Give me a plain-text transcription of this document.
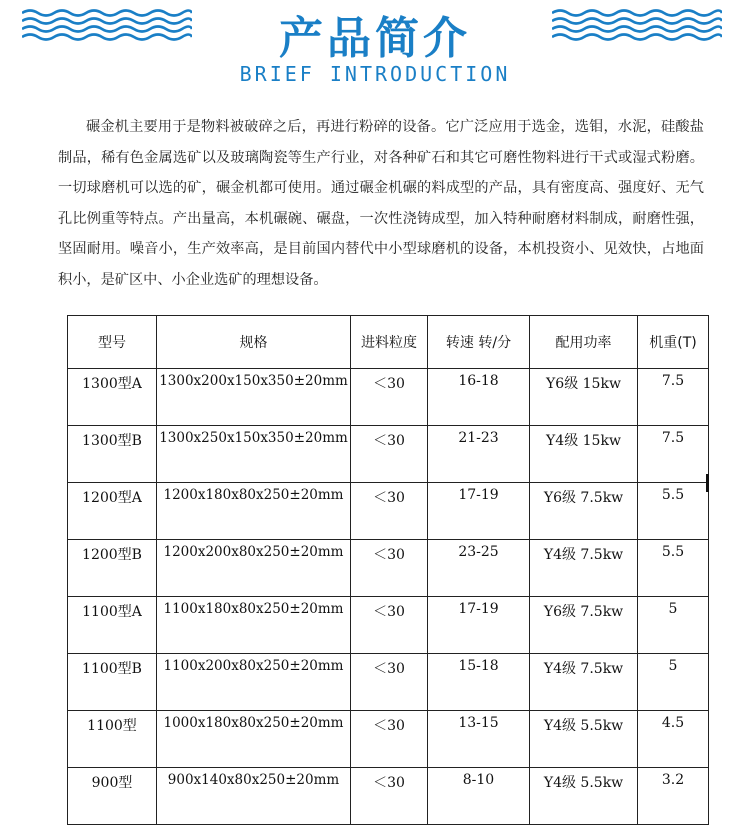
产品简介
BRIEF INTRODUCTION

碾金机主要用于是物料被破碎之后，再进行粉碎的设备。它广泛应用于选金，选钼，水泥，硅酸盐制品，稀有色金属选矿以及玻璃陶瓷等生产行业，对各种矿石和其它可磨性物料进行干式或湿式粉磨。一切球磨机可以选的矿，碾金机都可使用。通过碾金机碾的料成型的产品，具有密度高、强度好、无气孔比例重等特点。产出量高，本机碾碗、碾盘，一次性浇铸成型，加入特种耐磨材料制成，耐磨性强，坚固耐用。噪音小，生产效率高，是目前国内替代中小型球磨机的设备，本机投资小、见效快，占地面积小，是矿区中、小企业选矿的理想设备。

型号	规格	进料粒度	转速 转/分	配用功率	机重(T)
1300型A	1300x200x150x350±20mm	＜30	16-18	Y6级 15kw	7.5
1300型B	1300x250x150x350±20mm	＜30	21-23	Y4级 15kw	7.5
1200型A	1200x180x80x250±20mm	＜30	17-19	Y6级 7.5kw	5.5
1200型B	1200x200x80x250±20mm	＜30	23-25	Y4级 7.5kw	5.5
1100型A	1100x180x80x250±20mm	＜30	17-19	Y6级 7.5kw	5
1100型B	1100x200x80x250±20mm	＜30	15-18	Y4级 7.5kw	5
1100型	1000x180x80x250±20mm	＜30	13-15	Y4级 5.5kw	4.5
900型	900x140x80x250±20mm	＜30	8-10	Y4级 5.5kw	3.2
